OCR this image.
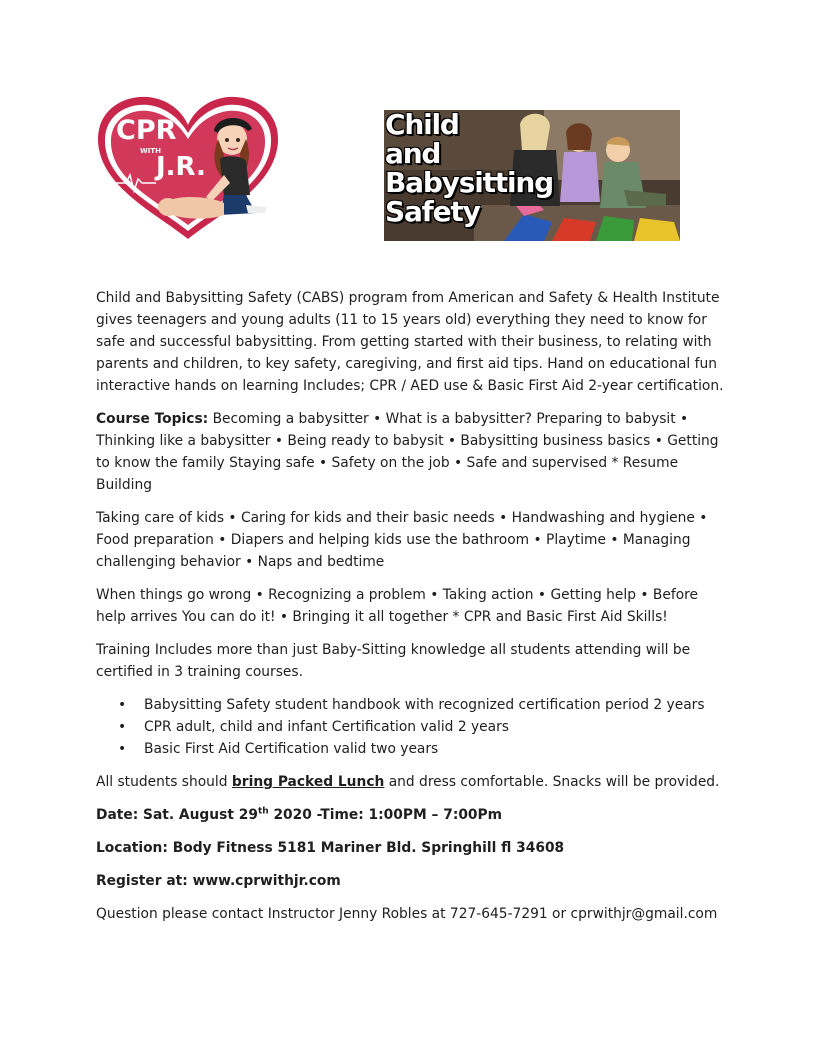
CPR
WITH
J.R.
Child
and
Babysitting
Safety

Child and Babysitting Safety (CABS) program from American and Safety & Health Institute gives teenagers and young adults (11 to 15 years old) everything they need to know for safe and successful babysitting. From getting started with their business, to relating with parents and children, to key safety, caregiving, and first aid tips. Hand on educational fun interactive hands on learning Includes; CPR / AED use & Basic First Aid 2-year certification.

Course Topics: Becoming a babysitter • What is a babysitter? Preparing to babysit • Thinking like a babysitter • Being ready to babysit • Babysitting business basics • Getting to know the family Staying safe • Safety on the job • Safe and supervised * Resume Building

Taking care of kids • Caring for kids and their basic needs • Handwashing and hygiene • Food preparation • Diapers and helping kids use the bathroom • Playtime • Managing challenging behavior • Naps and bedtime

When things go wrong • Recognizing a problem • Taking action • Getting help • Before help arrives You can do it! • Bringing it all together * CPR and Basic First Aid Skills!

Training Includes more than just Baby-Sitting knowledge all students attending will be certified in 3 training courses.

• Babysitting Safety student handbook with recognized certification period 2 years
• CPR adult, child and infant Certification valid 2 years
• Basic First Aid Certification valid two years

All students should bring Packed Lunch and dress comfortable. Snacks will be provided.

Date: Sat. August 29th 2020 -Time: 1:00PM – 7:00Pm

Location: Body Fitness 5181 Mariner Bld. Springhill fl 34608

Register at: www.cprwithjr.com

Question please contact Instructor Jenny Robles at 727-645-7291 or cprwithjr@gmail.com
